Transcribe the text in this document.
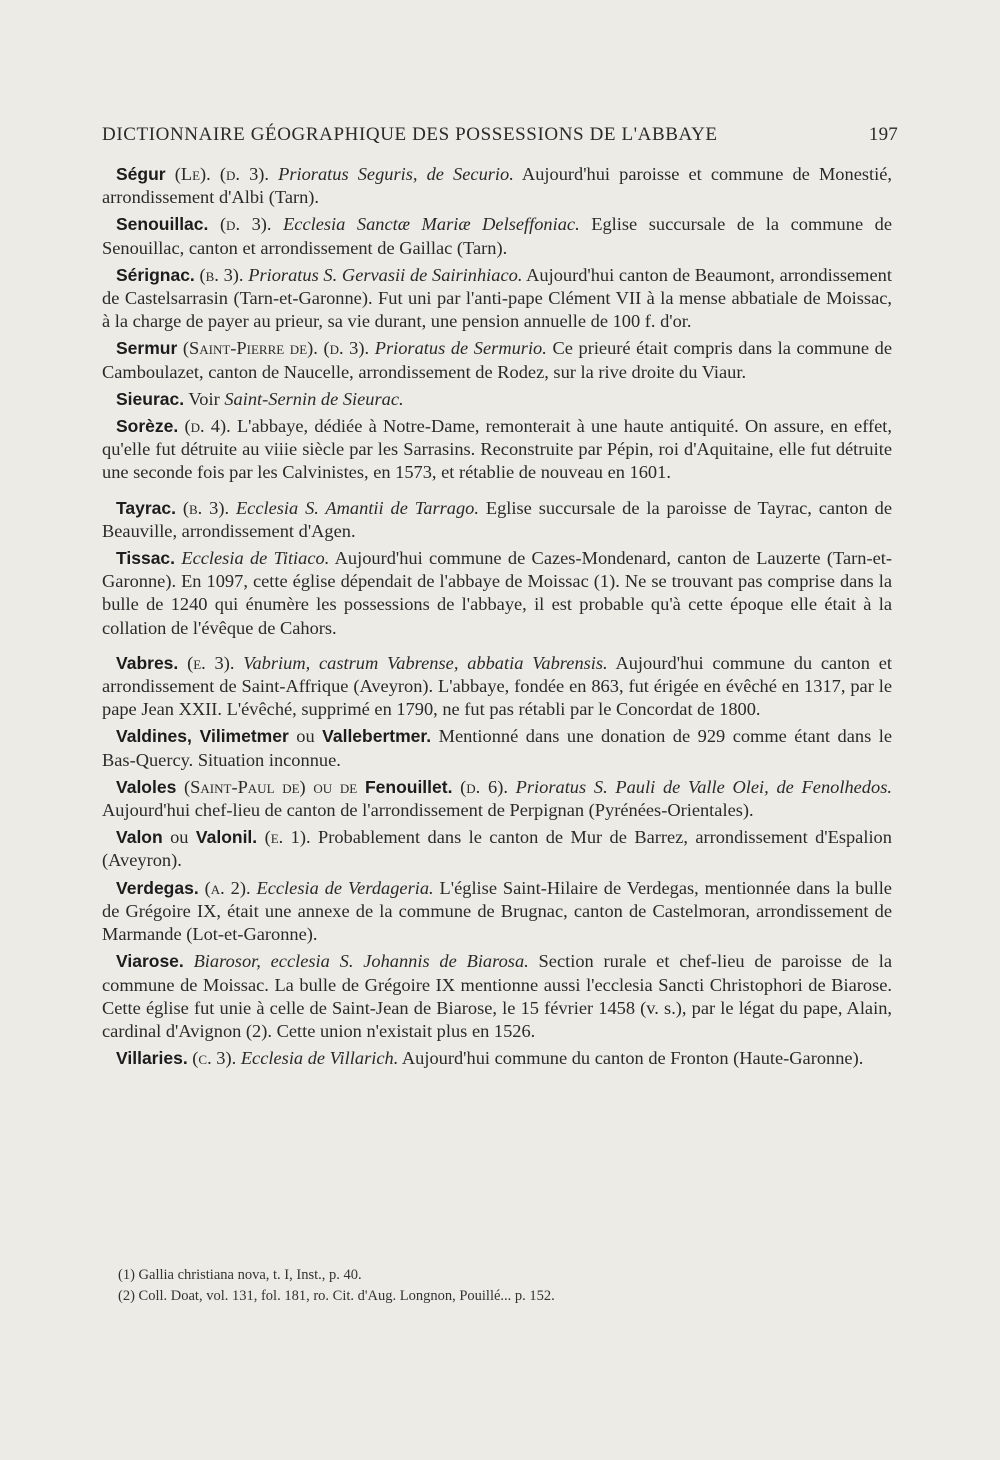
DICTIONNAIRE GÉOGRAPHIQUE DES POSSESSIONS DE L'ABBAYE	197

Ségur (Le). (d. 3). Prioratus Seguris, de Securio. Aujourd'hui paroisse et commune de Monestié, arrondissement d'Albi (Tarn).

Senouillac. (d. 3). Ecclesia Sanctæ Mariæ Delseffoniac. Eglise succursale de la commune de Senouillac, canton et arrondissement de Gaillac (Tarn).

Sérignac. (b. 3). Prioratus S. Gervasii de Sairinhiaco. Aujourd'hui canton de Beaumont, arrondissement de Castelsarrasin (Tarn-et-Garonne). Fut uni par l'anti-pape Clément VII à la mense abbatiale de Moissac, à la charge de payer au prieur, sa vie durant, une pension annuelle de 100 f. d'or.

Sermur (Saint-Pierre de). (d. 3). Prioratus de Sermurio. Ce prieuré était compris dans la commune de Camboulazet, canton de Naucelle, arrondissement de Rodez, sur la rive droite du Viaur.

Sieurac. Voir Saint-Sernin de Sieurac.

Sorèze. (d. 4). L'abbaye, dédiée à Notre-Dame, remonterait à une haute antiquité. On assure, en effet, qu'elle fut détruite au viiie siècle par les Sarrasins. Reconstruite par Pépin, roi d'Aquitaine, elle fut détruite une seconde fois par les Calvinistes, en 1573, et rétablie de nouveau en 1601.

Tayrac. (b. 3). Ecclesia S. Amantii de Tarrago. Eglise succursale de la paroisse de Tayrac, canton de Beauville, arrondissement d'Agen.

Tissac. Ecclesia de Titiaco. Aujourd'hui commune de Cazes-Mondenard, canton de Lauzerte (Tarn-et-Garonne). En 1097, cette église dépendait de l'abbaye de Moissac (1). Ne se trouvant pas comprise dans la bulle de 1240 qui énumère les possessions de l'abbaye, il est probable qu'à cette époque elle était à la collation de l'évêque de Cahors.

Vabres. (e. 3). Vabrium, castrum Vabrense, abbatia Vabrensis. Aujourd'hui commune du canton et arrondissement de Saint-Affrique (Aveyron). L'abbaye, fondée en 863, fut érigée en évêché en 1317, par le pape Jean XXII. L'évêché, supprimé en 1790, ne fut pas rétabli par le Concordat de 1800.

Valdines, Vilimetmer ou Vallebertmer. Mentionné dans une donation de 929 comme étant dans le Bas-Quercy. Situation inconnue.

Valoles (Saint-Paul de) ou de Fenouillet. (d. 6). Prioratus S. Pauli de Valle Olei, de Fenolhedos. Aujourd'hui chef-lieu de canton de l'arrondissement de Perpignan (Pyrénées-Orientales).

Valon ou Valonil. (e. 1). Probablement dans le canton de Mur de Barrez, arrondissement d'Espalion (Aveyron).

Verdegas. (a. 2). Ecclesia de Verdageria. L'église Saint-Hilaire de Verdegas, mentionnée dans la bulle de Grégoire IX, était une annexe de la commune de Brugnac, canton de Castelmoran, arrondissement de Marmande (Lot-et-Garonne).

Viarose. Biarosor, ecclesia S. Johannis de Biarosa. Section rurale et chef-lieu de paroisse de la commune de Moissac. La bulle de Grégoire IX mentionne aussi l'ecclesia Sancti Christophori de Biarose. Cette église fut unie à celle de Saint-Jean de Biarose, le 15 février 1458 (v. s.), par le légat du pape, Alain, cardinal d'Avignon (2). Cette union n'existait plus en 1526.

Villaries. (c. 3). Ecclesia de Villarich. Aujourd'hui commune du canton de Fronton (Haute-Garonne).

(1) Gallia christiana nova, t. I, Inst., p. 40.
(2) Coll. Doat, vol. 131, fol. 181, ro. Cit. d'Aug. Longnon, Pouillé... p. 152.
